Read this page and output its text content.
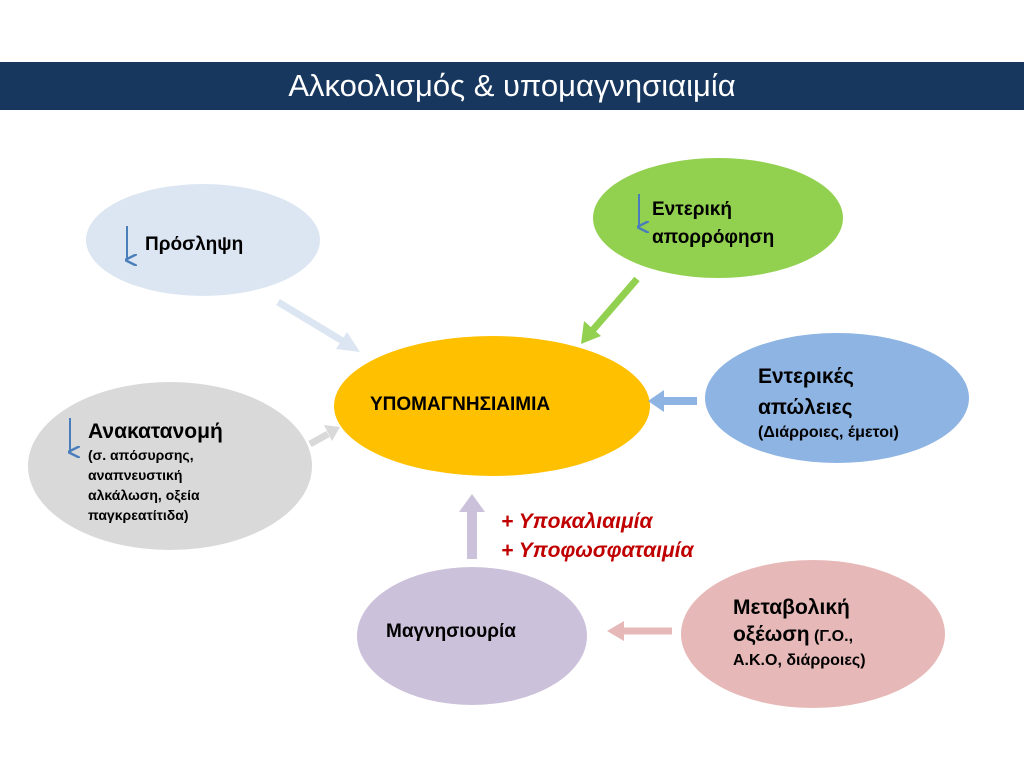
Αλκοολισμός & υπομαγνησιαιμία
Πρόσληψη
Εντερική
απορρόφηση
ΥΠΟΜΑΓΝΗΣΙΑΙΜΙΑ
Εντερικές
απώλειες
(Διάρροιες, έμετοι)
Ανακατανομή
(σ. απόσυρσης,
αναπνευστική
αλκάλωση, οξεία
παγκρεατίτιδα)
Μαγνησιουρία
Μεταβολική
οξέωση (Γ.Ο.,
Α.Κ.Ο, διάρροιες)
+ Υποκαλιαιμία
+ Υποφωσφαταιμία
